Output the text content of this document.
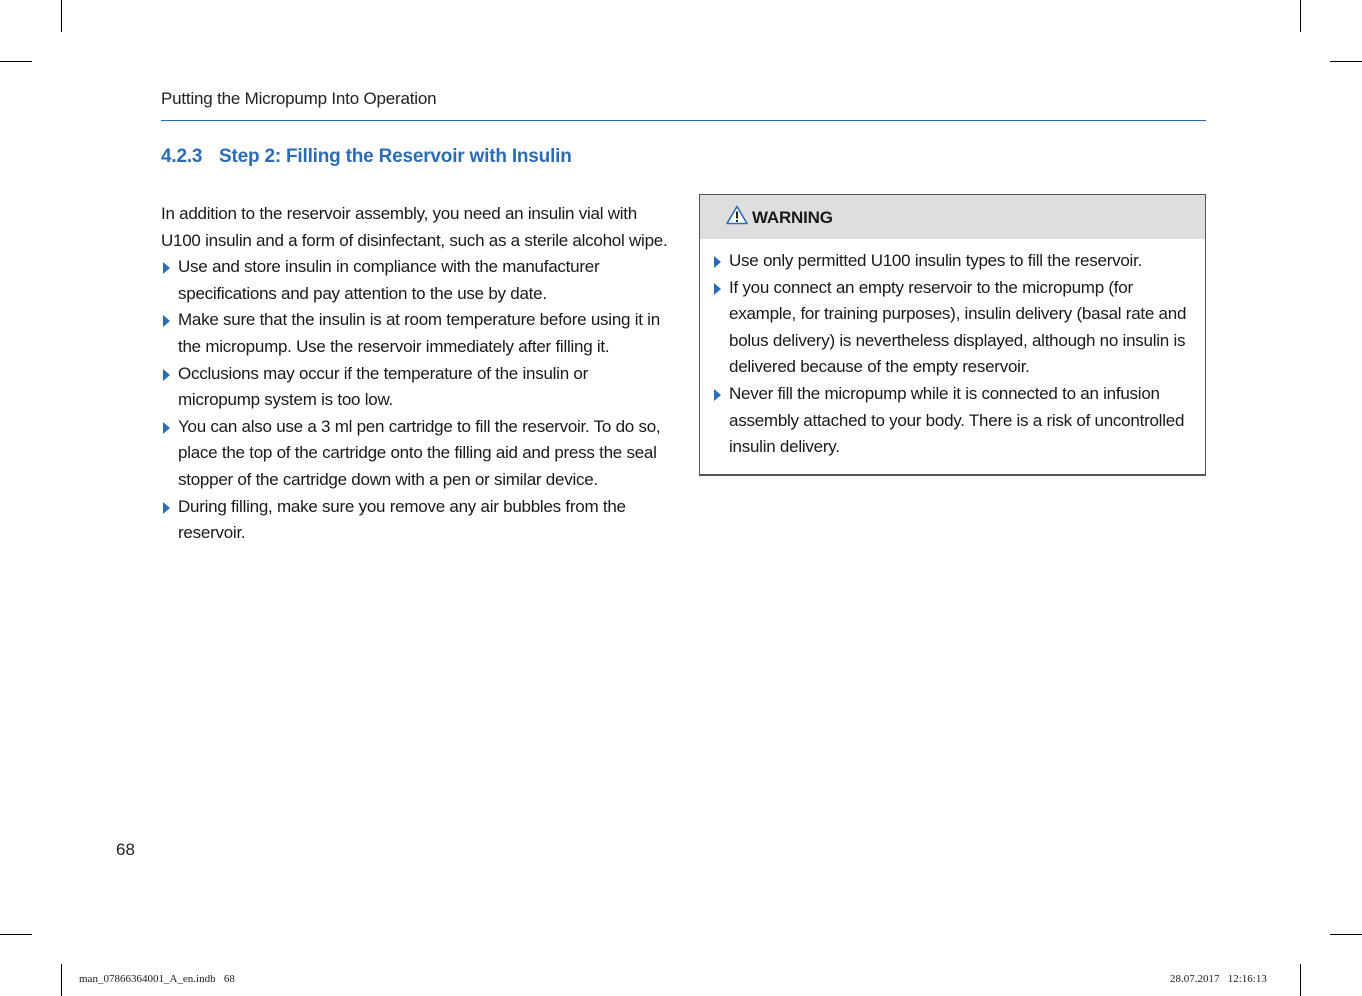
Putting the Micropump Into Operation
4.2.3 Step 2: Filling the Reservoir with Insulin

In addition to the reservoir assembly, you need an insulin vial with U100 insulin and a form of disinfectant, such as a sterile alcohol wipe.

Use and store insulin in compliance with the manufacturer specifications and pay attention to the use by date.
Make sure that the insulin is at room temperature before using it in the micropump. Use the reservoir immediately after filling it.
Occlusions may occur if the temperature of the insulin or micropump system is too low.
You can also use a 3 ml pen cartridge to fill the reservoir. To do so, place the top of the cartridge onto the filling aid and press the seal stopper of the cartridge down with a pen or similar device.
During filling, make sure you remove any air bubbles from the reservoir.
WARNING
Use only permitted U100 insulin types to fill the reservoir.
If you connect an empty reservoir to the micropump (for example, for training purposes), insulin delivery (basal rate and bolus delivery) is nevertheless displayed, although no insulin is delivered because of the empty reservoir.
Never fill the micropump while it is connected to an infusion assembly attached to your body. There is a risk of uncontrolled insulin delivery.
68
man_07866364001_A_en.indb   68	28.07.2017   12:16:13
